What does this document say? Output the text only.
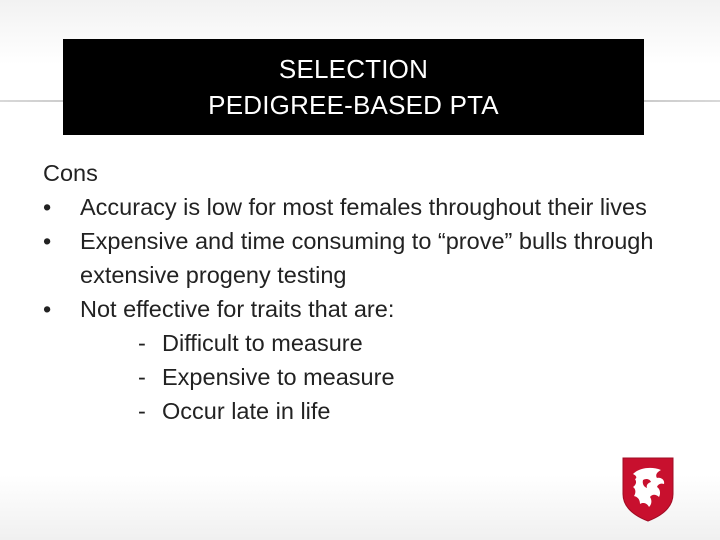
SELECTION
PEDIGREE-BASED PTA
Cons
•	Accuracy is low for most females throughout their lives
•	Expensive and time consuming to “prove” bulls through extensive progeny testing
•	Not effective for traits that are:
- Difficult to measure
- Expensive to measure
- Occur late in life
